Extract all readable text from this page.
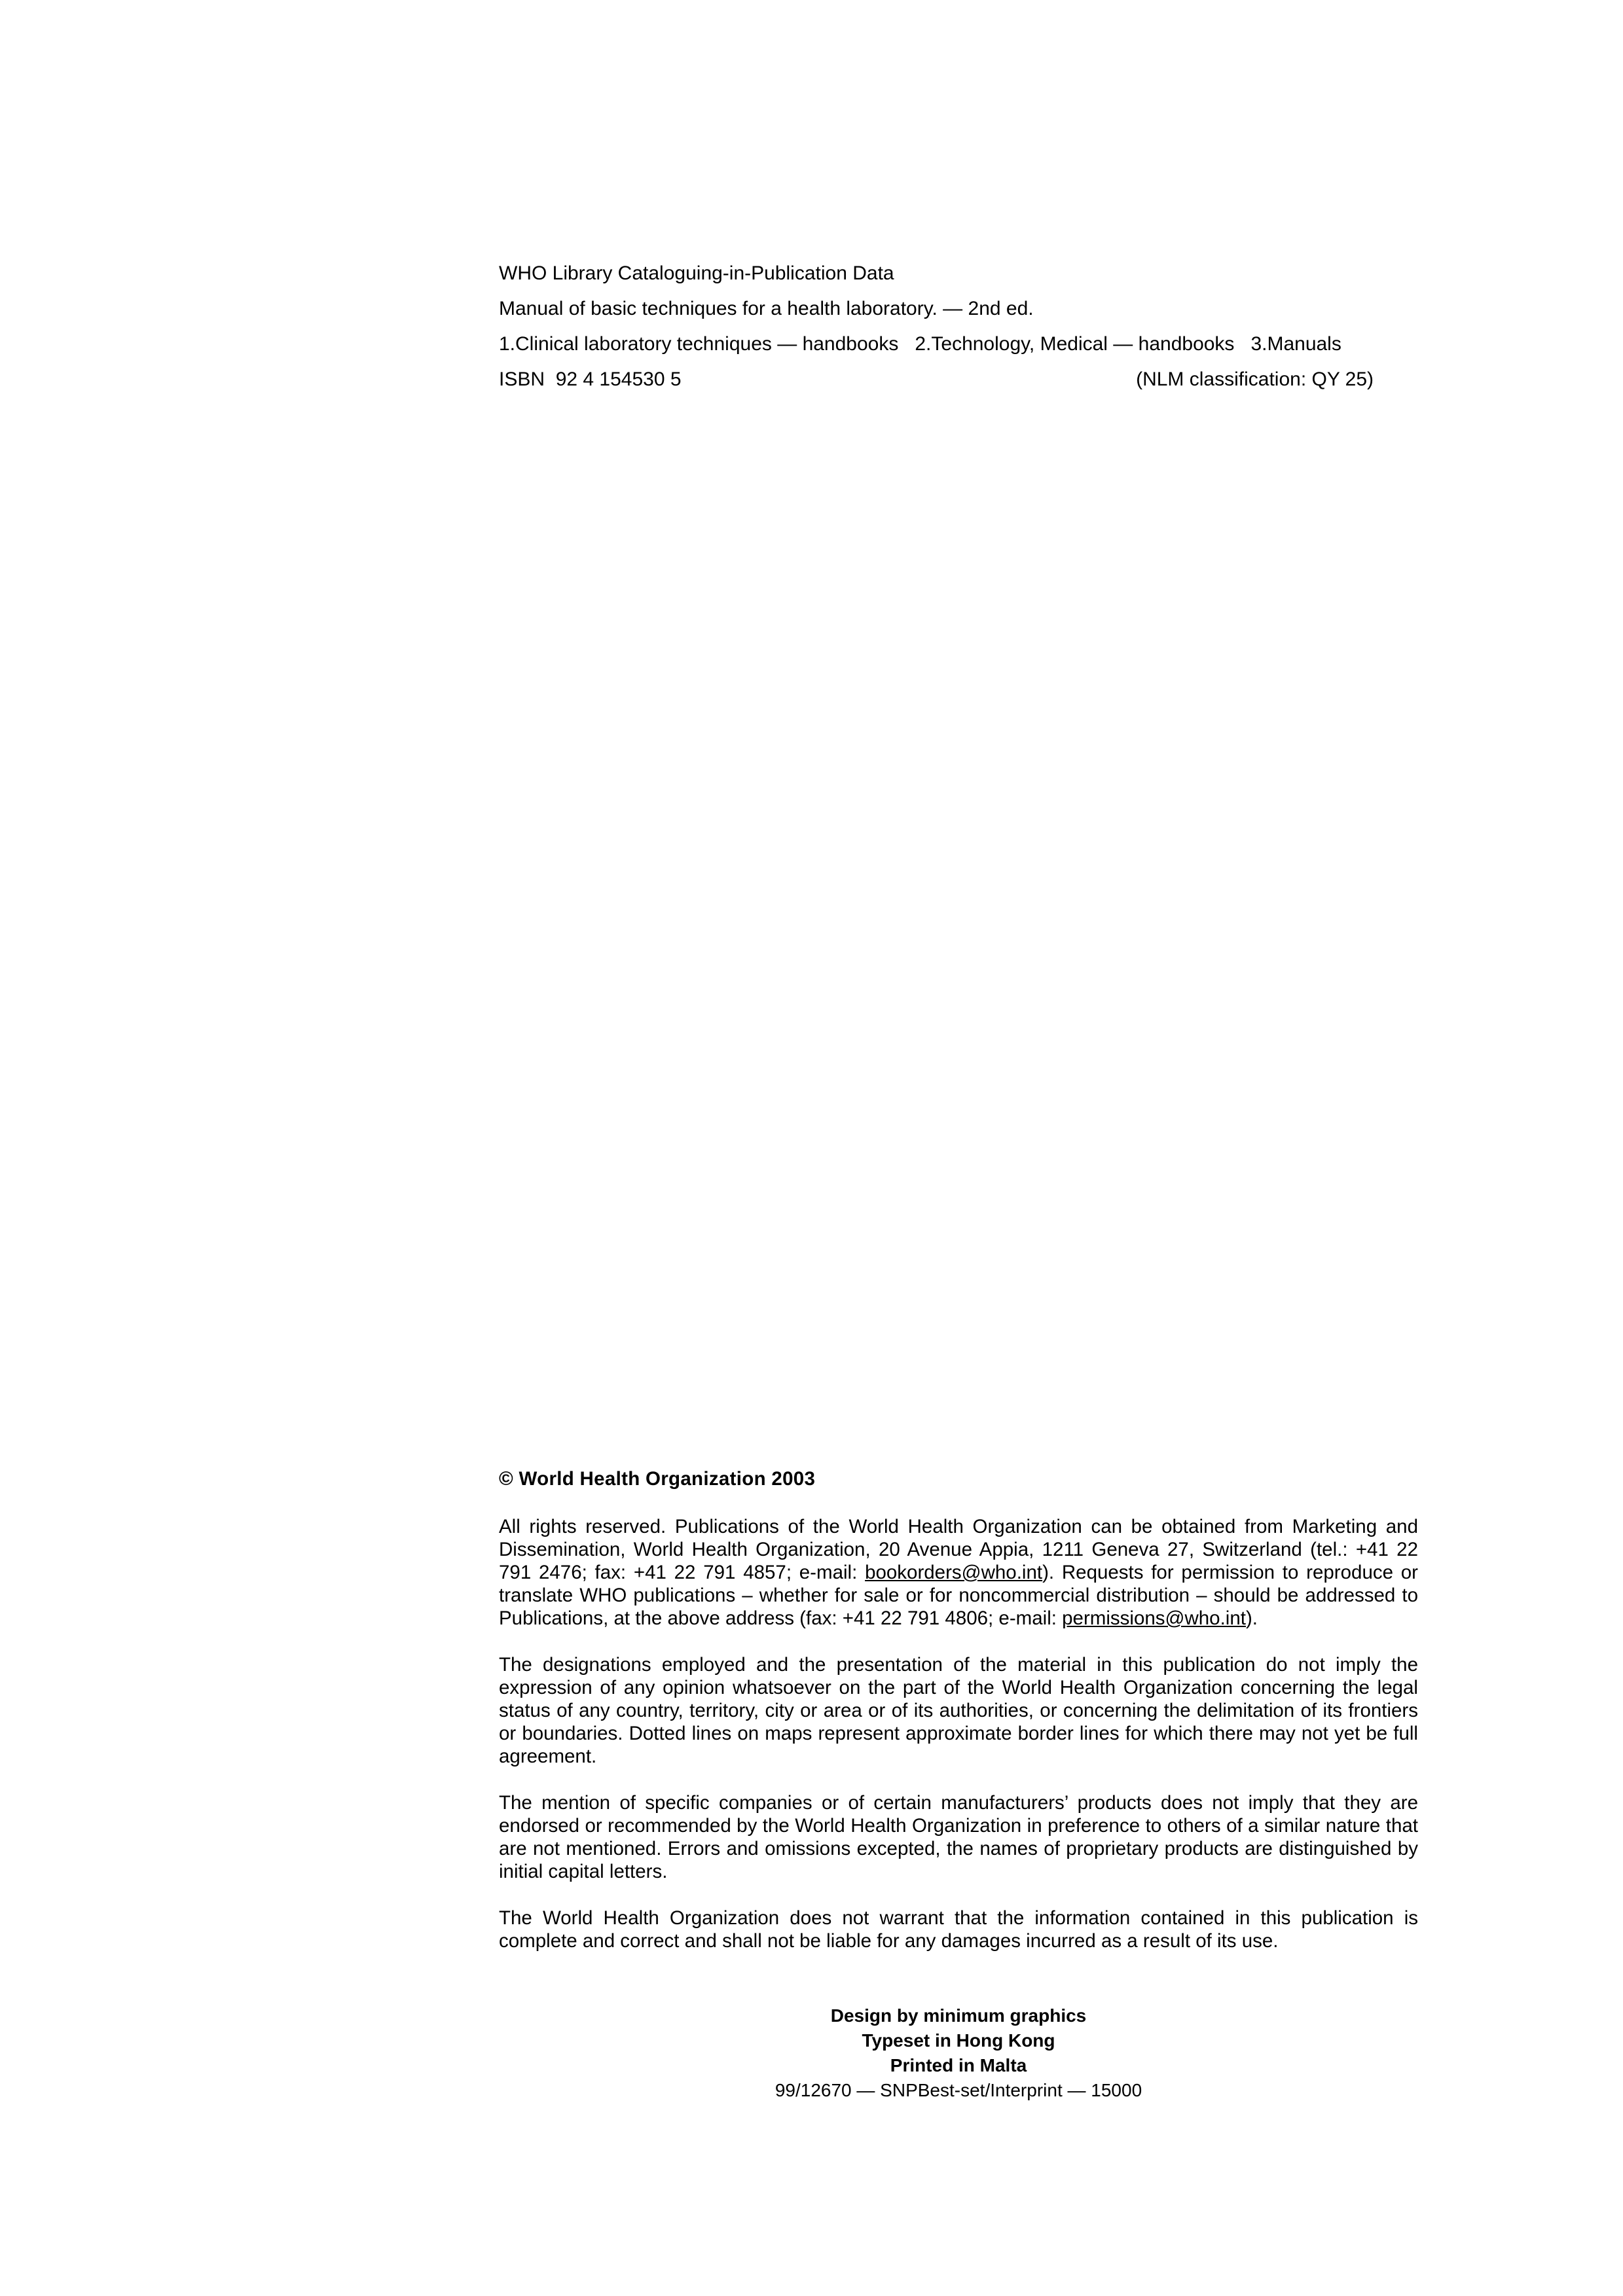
WHO Library Cataloguing-in-Publication Data
Manual of basic techniques for a health laboratory. — 2nd ed.
1.Clinical laboratory techniques — handbooks   2.Technology, Medical — handbooks   3.Manuals
ISBN  92 4 154530 5	(NLM classification: QY 25)

© World Health Organization 2003

All rights reserved. Publications of the World Health Organization can be obtained from Marketing and Dissemination, World Health Organization, 20 Avenue Appia, 1211 Geneva 27, Switzerland (tel.: +41 22 791 2476; fax: +41 22 791 4857; e-mail: bookorders@who.int). Requests for permission to reproduce or translate WHO publications – whether for sale or for noncommercial distribution – should be addressed to Publications, at the above address (fax: +41 22 791 4806; e-mail: permissions@who.int).

The designations employed and the presentation of the material in this publication do not imply the expression of any opinion whatsoever on the part of the World Health Organization concerning the legal status of any country, territory, city or area or of its authorities, or concerning the delimitation of its frontiers or boundaries. Dotted lines on maps represent approximate border lines for which there may not yet be full agreement.

The mention of specific companies or of certain manufacturers’ products does not imply that they are endorsed or recommended by the World Health Organization in preference to others of a similar nature that are not mentioned. Errors and omissions excepted, the names of proprietary products are distinguished by initial capital letters.

The World Health Organization does not warrant that the information contained in this publication is complete and correct and shall not be liable for any damages incurred as a result of its use.

Design by minimum graphics
Typeset in Hong Kong
Printed in Malta
99/12670 — SNPBest-set/Interprint — 15000
